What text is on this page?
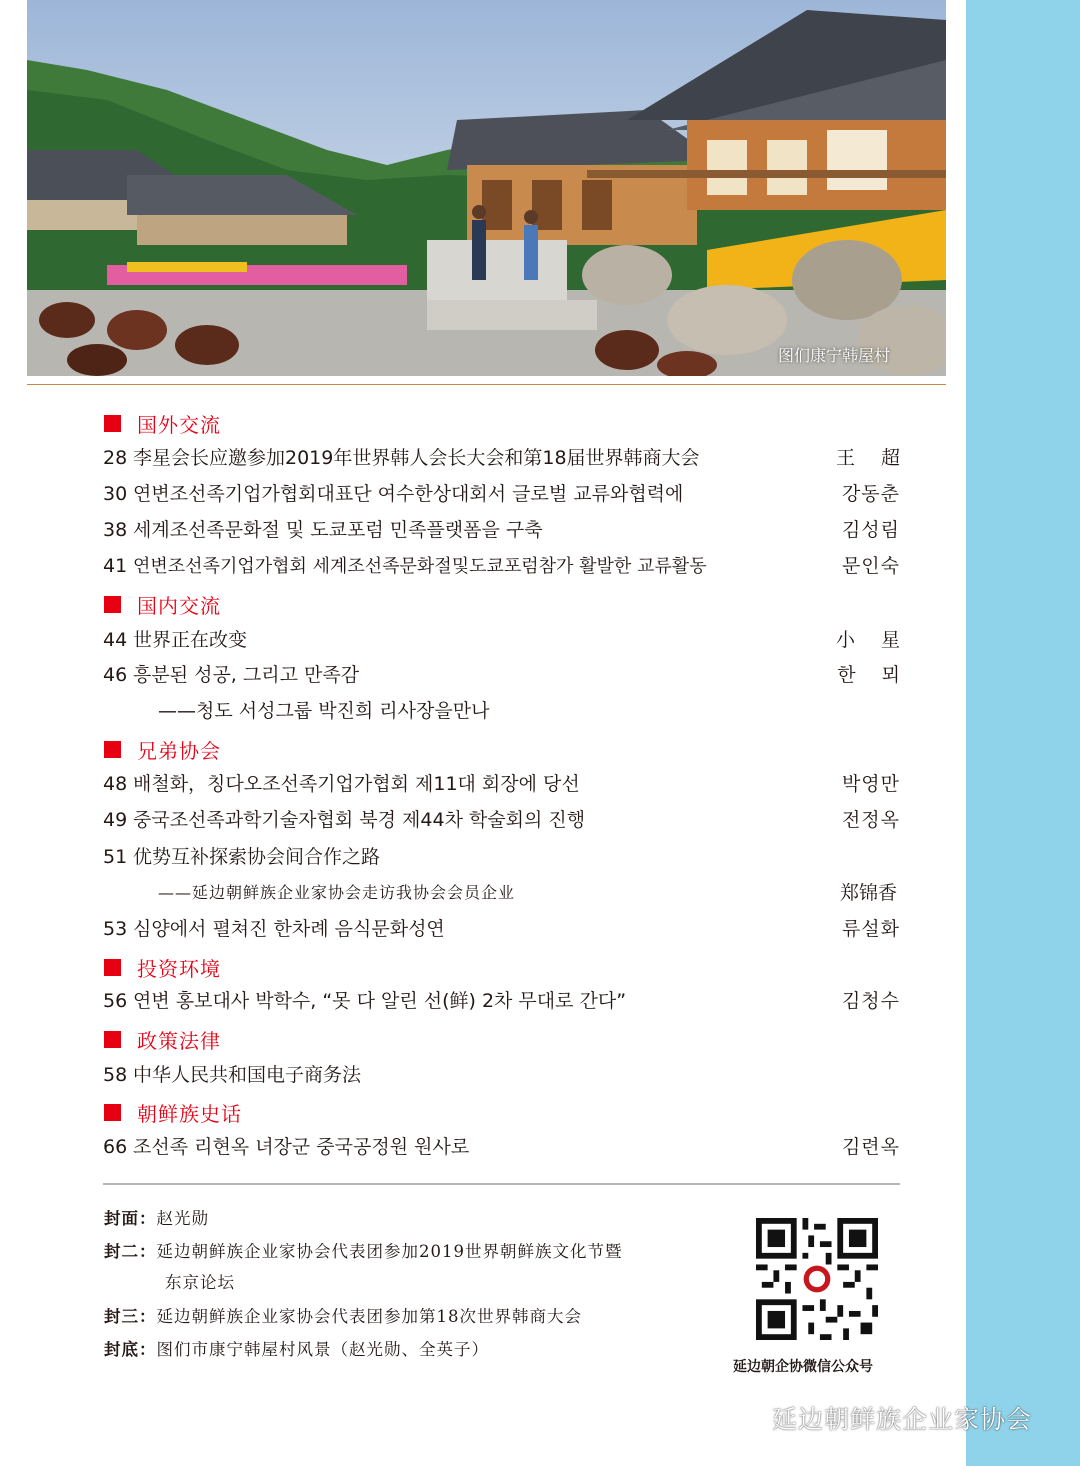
图们康宁韩屋村
国外交流
28 李星会长应邀参加2019年世界韩人会长大会和第18届世界韩商大会	王超
30 연변조선족기업가협회대표단 여수한상대회서 글로벌 교류와협력에	강동춘
38 세계조선족문화절 및 도쿄포럼 민족플랫폼을 구축	김성림
41 연변조선족기업가협회 세계조선족문화절및도쿄포럼참가 활발한 교류활동	문인숙
国内交流
44 世界正在改变	小星
46 흥분된 성공, 그리고 만족감	한뫼
——청도 서성그룹 박진희 리사장을만나
兄弟协会
48 배철화，칭다오조선족기업가협회 제11대 회장에 당선	박영만
49 중국조선족과학기술자협회 북경 제44차 학술회의 진행	전정옥
51 优势互补探索协会间合作之路
——延边朝鲜族企业家协会走访我协会会员企业	郑锦香
53 심양에서 펼쳐진 한차례 음식문화성연	류설화
投资环境
56 연변 홍보대사 박학수, “못 다 알린 선(鲜) 2차 무대로 간다”	김청수
政策法律
58 中华人民共和国电子商务法
朝鲜族史话
66 조선족 리현옥 녀장군 중국공정원 원사로	김련옥
封面：赵光勋
封二：延边朝鲜族企业家协会代表团参加2019世界朝鲜族文化节暨
东京论坛
封三：延边朝鲜族企业家协会代表团参加第18次世界韩商大会
封底：图们市康宁韩屋村风景（赵光勋、全英子）
延边朝企协微信公众号
延边朝鲜族企业家协会
